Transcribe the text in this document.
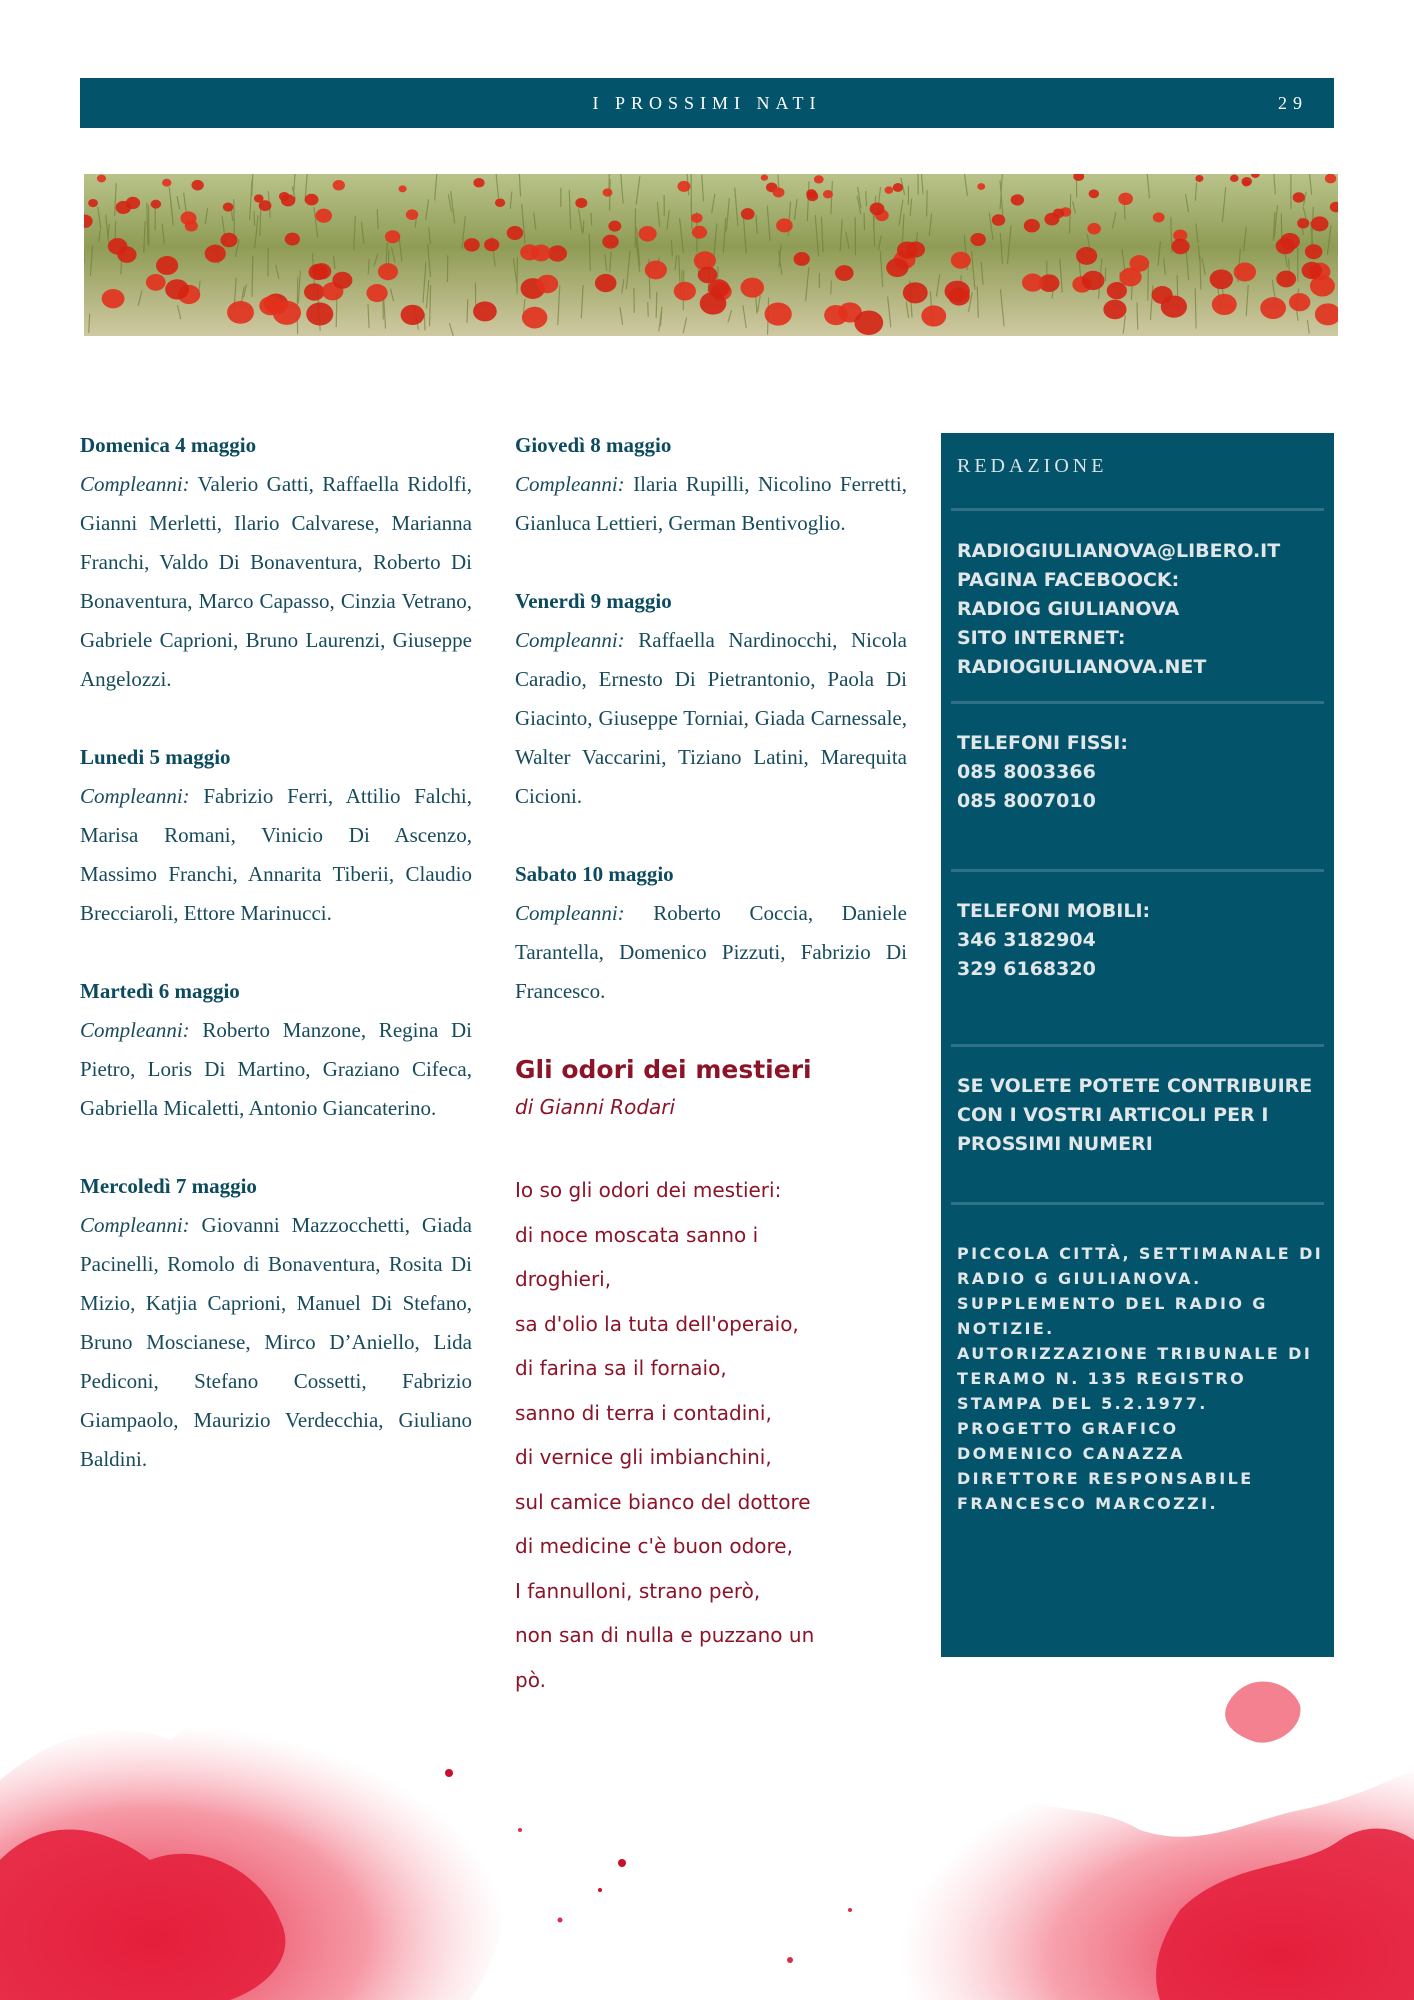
I PROSSIMI NATI	29
Domenica 4 maggio
Compleanni: Valerio Gatti, Raffaella Ridolfi, Gianni Merletti, Ilario Calvarese, Marianna Franchi, Valdo Di Bonaventura, Roberto Di Bonaventura, Marco Capasso, Cinzia Vetrano, Gabriele Caprioni, Bruno Laurenzi, Giuseppe Angelozzi.
Lunedi 5 maggio
Compleanni: Fabrizio Ferri, Attilio Falchi, Marisa Romani, Vinicio Di Ascenzo, Massimo Franchi, Annarita Tiberii, Claudio Brecciaroli, Ettore Marinucci.
Martedì 6 maggio
Compleanni: Roberto Manzone, Regina Di Pietro, Loris Di Martino, Graziano Cifeca, Gabriella Micaletti, Antonio Giancaterino.
Mercoledì 7 maggio
Compleanni: Giovanni Mazzocchetti, Giada Pacinelli, Romolo di Bonaventura, Rosita Di Mizio, Katjia Caprioni, Manuel Di Stefano, Bruno Moscianese, Mirco D’Aniello, Lida Pediconi, Stefano Cossetti, Fabrizio Giampaolo, Maurizio Verdecchia, Giuliano Baldini.
Giovedì 8 maggio
Compleanni: Ilaria Rupilli, Nicolino Ferretti, Gianluca Lettieri, German Bentivoglio.
Venerdì 9 maggio
Compleanni: Raffaella Nardinocchi, Nicola Caradio, Ernesto Di Pietrantonio, Paola Di Giacinto, Giuseppe Torniai, Giada Carnessale, Walter Vaccarini, Tiziano Latini, Marequita Cicioni.
Sabato 10 maggio
Compleanni: Roberto Coccia, Daniele Tarantella, Domenico Pizzuti, Fabrizio Di Francesco.
Gli odori dei mestieri
di Gianni Rodari
Io so gli odori dei mestieri:
di noce moscata sanno i
droghieri,
sa d'olio la tuta dell'operaio,
di farina sa il fornaio,
sanno di terra i contadini,
di vernice gli imbianchini,
sul camice bianco del dottore
di medicine c'è buon odore,
I fannulloni, strano però,
non san di nulla e puzzano un
pò.
REDAZIONE
RADIOGIULIANOVA@LIBERO.IT
PAGINA FACEBOOCK:
RADIOG GIULIANOVA
SITO INTERNET:
RADIOGIULIANOVA.NET
TELEFONI FISSI:
085 8003366
085 8007010
TELEFONI MOBILI:
346 3182904
329 6168320
SE VOLETE POTETE CONTRIBUIRE
CON I VOSTRI ARTICOLI PER I
PROSSIMI NUMERI
PICCOLA CITTÀ, SETTIMANALE DI
RADIO G GIULIANOVA.
SUPPLEMENTO DEL RADIO G
NOTIZIE.
AUTORIZZAZIONE TRIBUNALE DI
TERAMO N. 135 REGISTRO
STAMPA DEL 5.2.1977.
PROGETTO GRAFICO
DOMENICO CANAZZA
DIRETTORE RESPONSABILE
FRANCESCO MARCOZZI.
